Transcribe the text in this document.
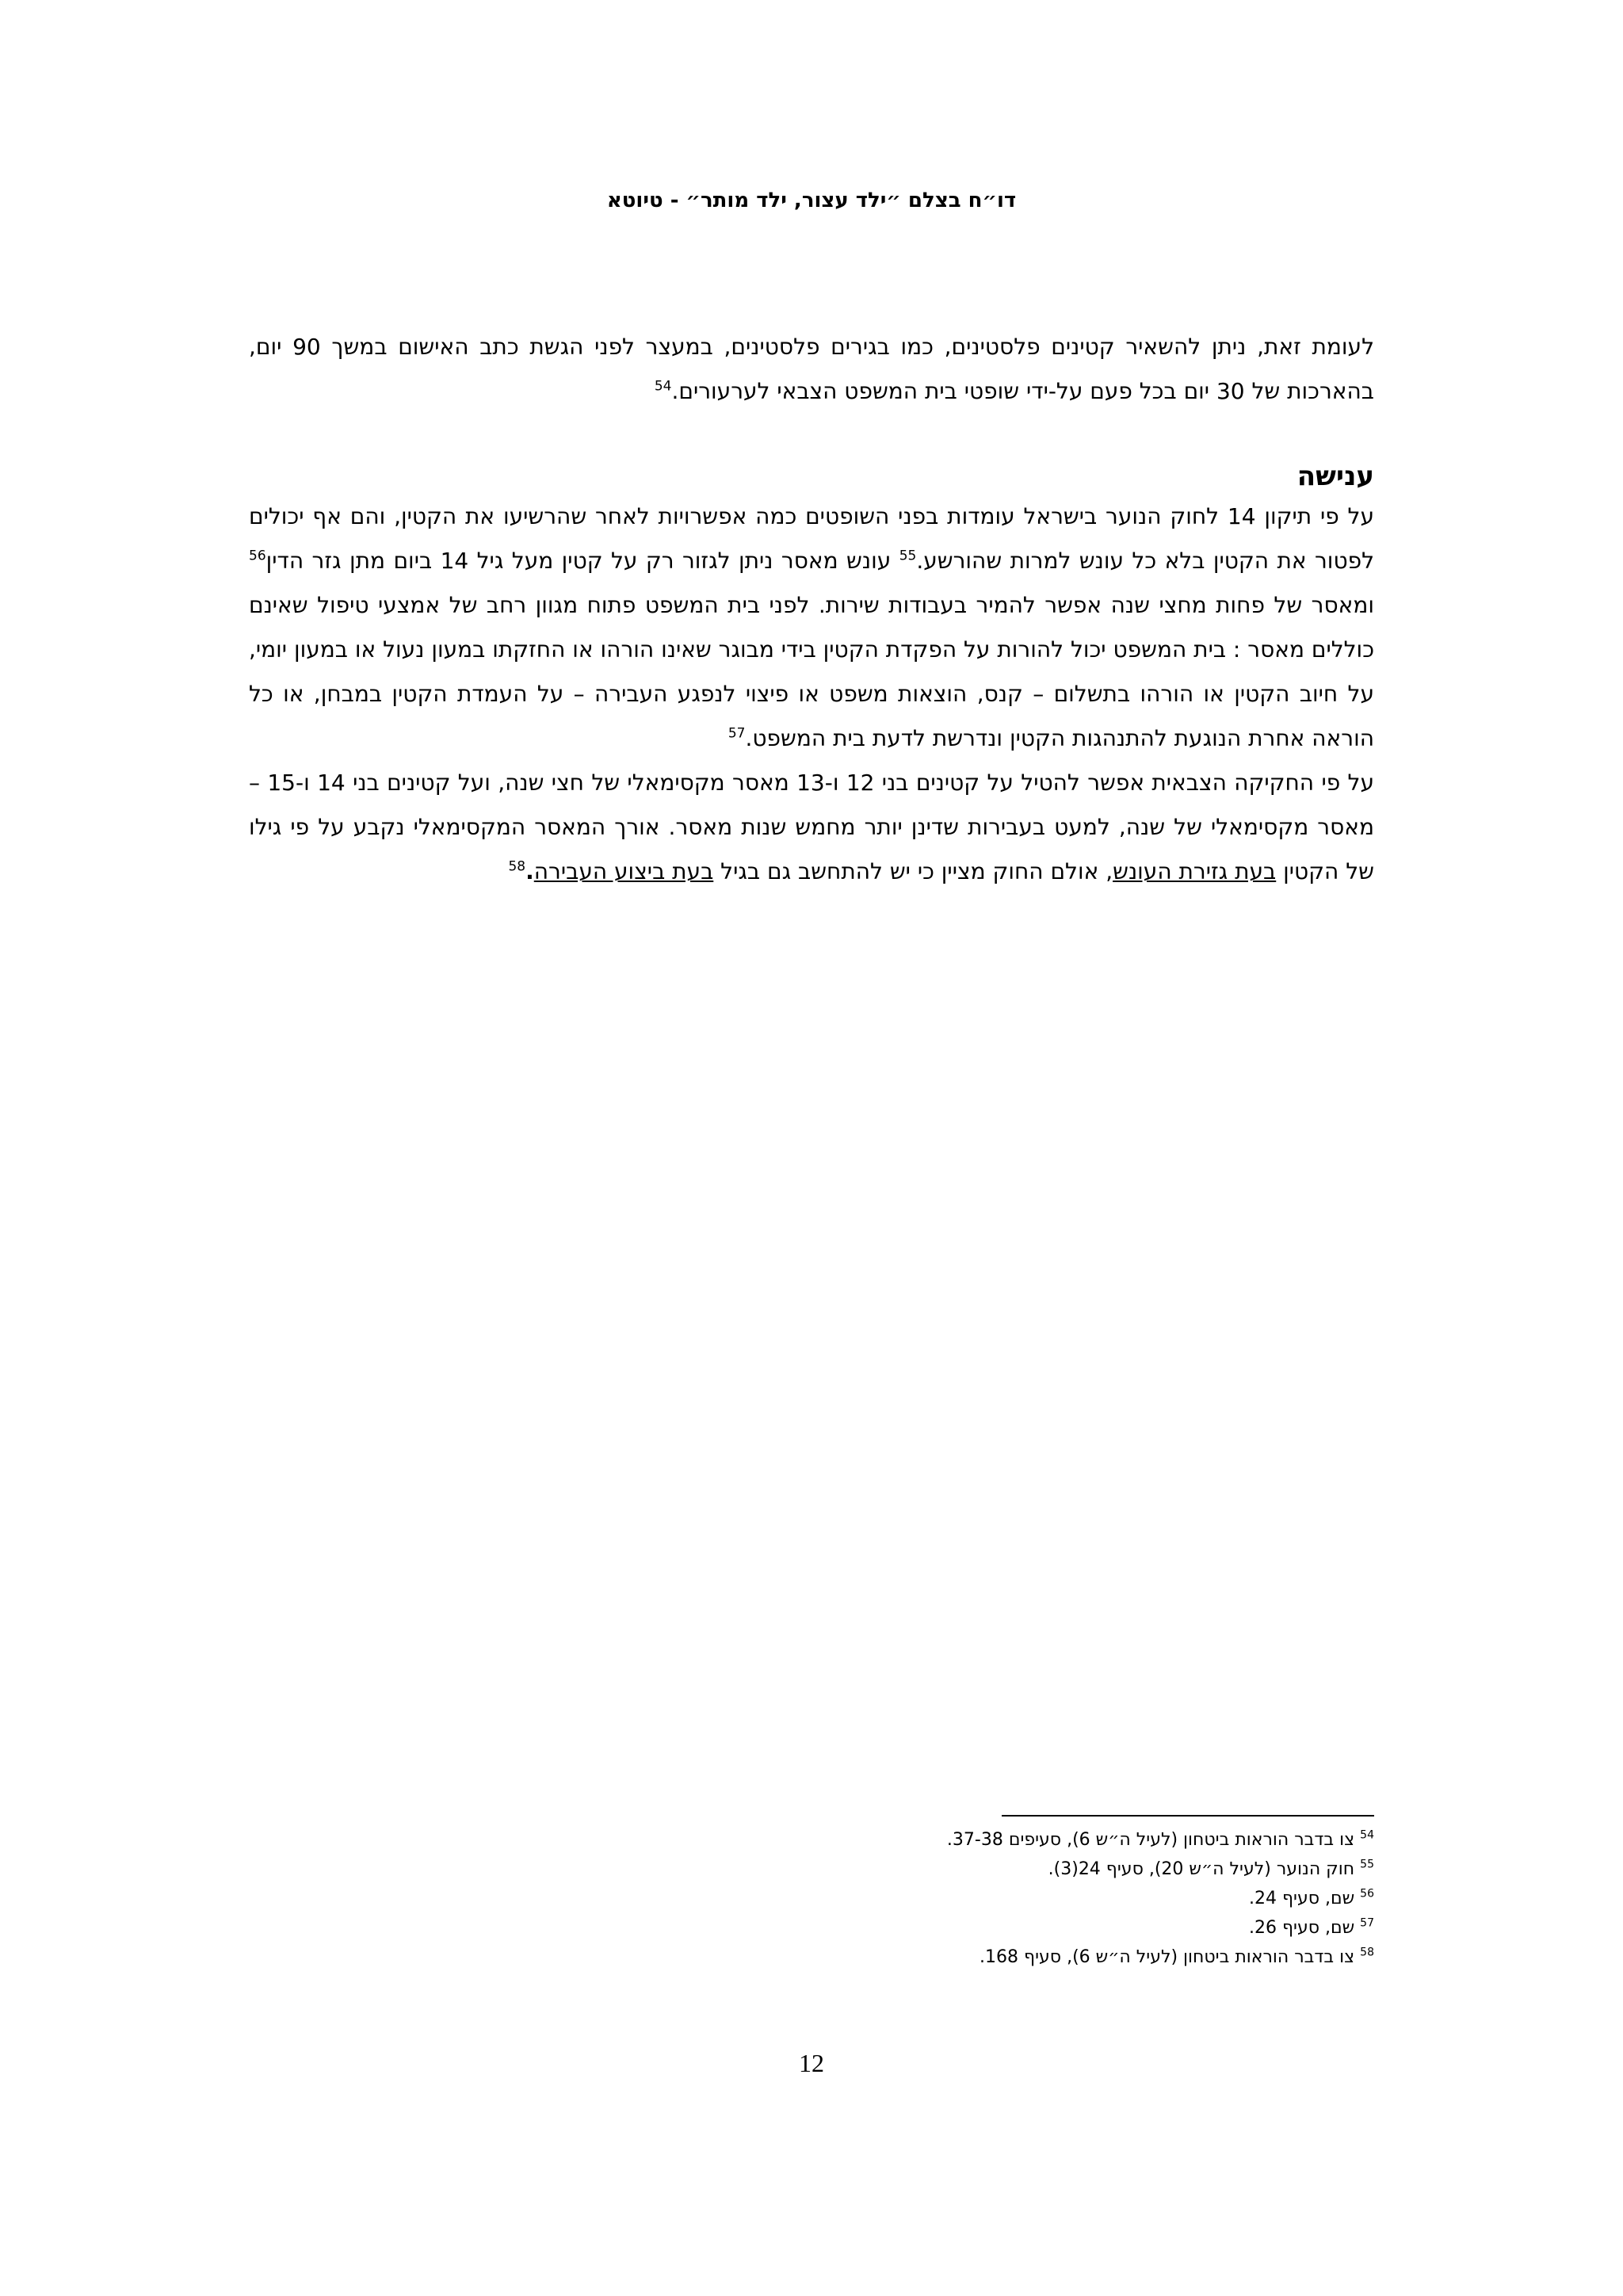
דו״ח בצלם ״ילד עצור, ילד מותר״ - טיוטא

לעומת זאת, ניתן להשאיר קטינים פלסטינים, כמו בגירים פלסטינים, במעצר לפני הגשת כתב האישום במשך 90 יום, בהארכות של 30 יום בכל פעם על-ידי שופטי בית המשפט הצבאי לערעורים.$^{54}$

ענישה

על פי תיקון 14 לחוק הנוער בישראל עומדות בפני השופטים כמה אפשרויות לאחר שהרשיעו את הקטין, והם אף יכולים לפטור את הקטין בלא כל עונש למרות שהורשע.$^{55}$ עונש מאסר ניתן לגזור רק על קטין מעל גיל 14 ביום מתן גזר הדין$^{56}$ ומאסר של פחות מחצי שנה אפשר להמיר בעבודות שירות. לפני בית המשפט פתוח מגוון רחב של אמצעי טיפול שאינם כוללים מאסר : בית המשפט יכול להורות על הפקדת הקטין בידי מבוגר שאינו הורהו או החזקתו במעון נעול או במעון יומי, על חיוב הקטין או הורהו בתשלום – קנס, הוצאות משפט או פיצוי לנפגע העבירה – על העמדת הקטין במבחן, או כל הוראה אחרת הנוגעת להתנהגות הקטין ונדרשת לדעת בית המשפט.$^{57}$

על פי החקיקה הצבאית אפשר להטיל על קטינים בני 12 ו-13 מאסר מקסימאלי של חצי שנה, ועל קטינים בני 14 ו-15 – מאסר מקסימאלי של שנה, למעט בעבירות שדינן יותר מחמש שנות מאסר. אורך המאסר המקסימאלי נקבע על פי גילו של הקטין בעת גזירת העונש, אולם החוק מציין כי יש להתחשב גם בגיל בעת ביצוע העבירה.$^{58}$

$^{54}$ צו בדבר הוראות ביטחון (לעיל ה״ש 6), סעיפים 37-38.
$^{55}$ חוק הנוער (לעיל ה״ש 20), סעיף 24(3).
$^{56}$ שם, סעיף 24.
$^{57}$ שם, סעיף 26.
$^{58}$ צו בדבר הוראות ביטחון (לעיל ה״ש 6), סעיף 168.
12
